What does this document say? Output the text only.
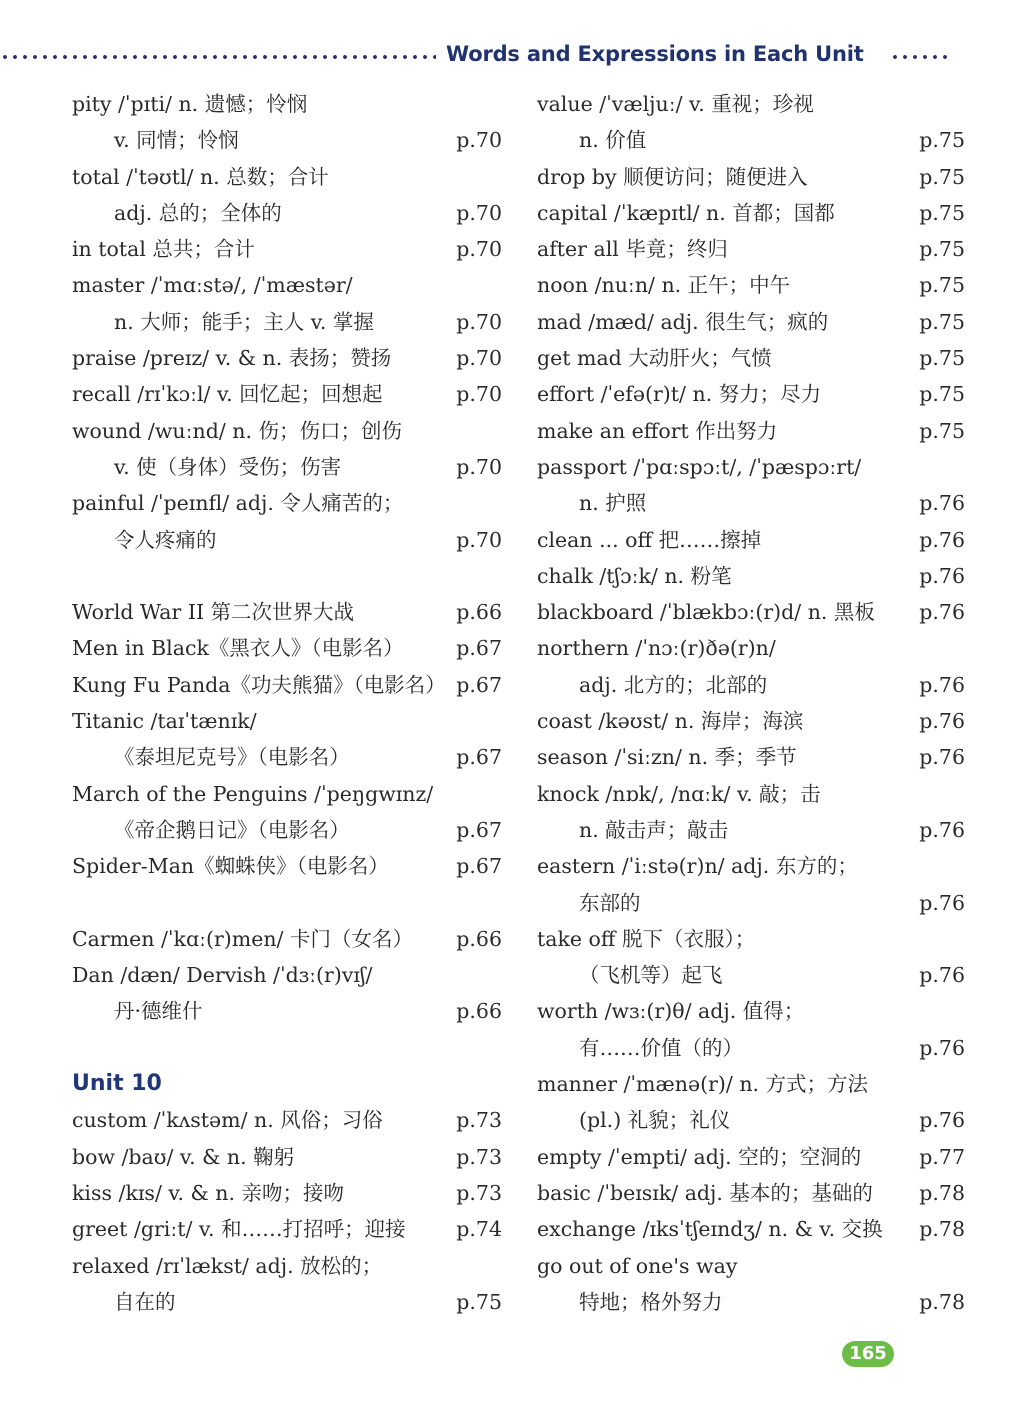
Words and Expressions in Each Unit
pity /ˈpɪti/ n. 遗憾；怜悯
v. 同情；怜悯	p.70
total /ˈtəʊtl/ n. 总数；合计
adj. 总的；全体的	p.70
in total 总共；合计	p.70
master /ˈmɑːstə/, /ˈmæstər/
n. 大师；能手；主人 v. 掌握	p.70
praise /preɪz/ v. & n. 表扬；赞扬	p.70
recall /rɪˈkɔːl/ v. 回忆起；回想起	p.70
wound /wuːnd/ n. 伤；伤口；创伤
v. 使（身体）受伤；伤害	p.70
painful /ˈpeɪnfl/ adj. 令人痛苦的；
令人疼痛的	p.70
World War II 第二次世界大战	p.66
Men in Black《黑衣人》（电影名）	p.67
Kung Fu Panda《功夫熊猫》（电影名） p.67
Titanic /taɪˈtænɪk/
《泰坦尼克号》（电影名）	p.67
March of the Penguins /ˈpeŋgwɪnz/
《帝企鹅日记》（电影名）	p.67
Spider-Man《蜘蛛侠》（电影名）	p.67
Carmen /ˈkɑː(r)men/ 卡门（女名） p.66
Dan /dæn/ Dervish /ˈdɜː(r)vɪʃ/
丹·德维什	p.66
Unit 10
custom /ˈkʌstəm/ n. 风俗；习俗	p.73
bow /baʊ/ v. & n. 鞠躬	p.73
kiss /kɪs/ v. & n. 亲吻；接吻	p.73
greet /griːt/ v. 和……打招呼；迎接 p.74
relaxed /rɪˈlækst/ adj. 放松的；
自在的	p.75
value /ˈvæljuː/ v. 重视；珍视
n. 价值	p.75
drop by 顺便访问；随便进入	p.75
capital /ˈkæpɪtl/ n. 首都；国都	p.75
after all 毕竟；终归	p.75
noon /nuːn/ n. 正午；中午	p.75
mad /mæd/ adj. 很生气；疯的	p.75
get mad 大动肝火；气愤	p.75
effort /ˈefə(r)t/ n. 努力；尽力	p.75
make an effort 作出努力	p.75
passport /ˈpɑːspɔːt/, /ˈpæspɔːrt/
n. 护照	p.76
clean ... off 把……擦掉	p.76
chalk /tʃɔːk/ n. 粉笔	p.76
blackboard /ˈblækbɔː(r)d/ n. 黑板 p.76
northern /ˈnɔː(r)ðə(r)n/
adj. 北方的；北部的	p.76
coast /kəʊst/ n. 海岸；海滨	p.76
season /ˈsiːzn/ n. 季；季节	p.76
knock /nɒk/, /nɑːk/ v. 敲；击
n. 敲击声；敲击	p.76
eastern /ˈiːstə(r)n/ adj. 东方的；
东部的	p.76
take off 脱下（衣服）；
（飞机等）起飞	p.76
worth /wɜː(r)θ/ adj. 值得；
有……价值（的）	p.76
manner /ˈmænə(r)/ n. 方式；方法
(pl.) 礼貌；礼仪	p.76
empty /ˈempti/ adj. 空的；空洞的	p.77
basic /ˈbeɪsɪk/ adj. 基本的；基础的 p.78
exchange /ɪksˈtʃeɪndʒ/ n. & v. 交换 p.78
go out of one's way
特地；格外努力	p.78
165
